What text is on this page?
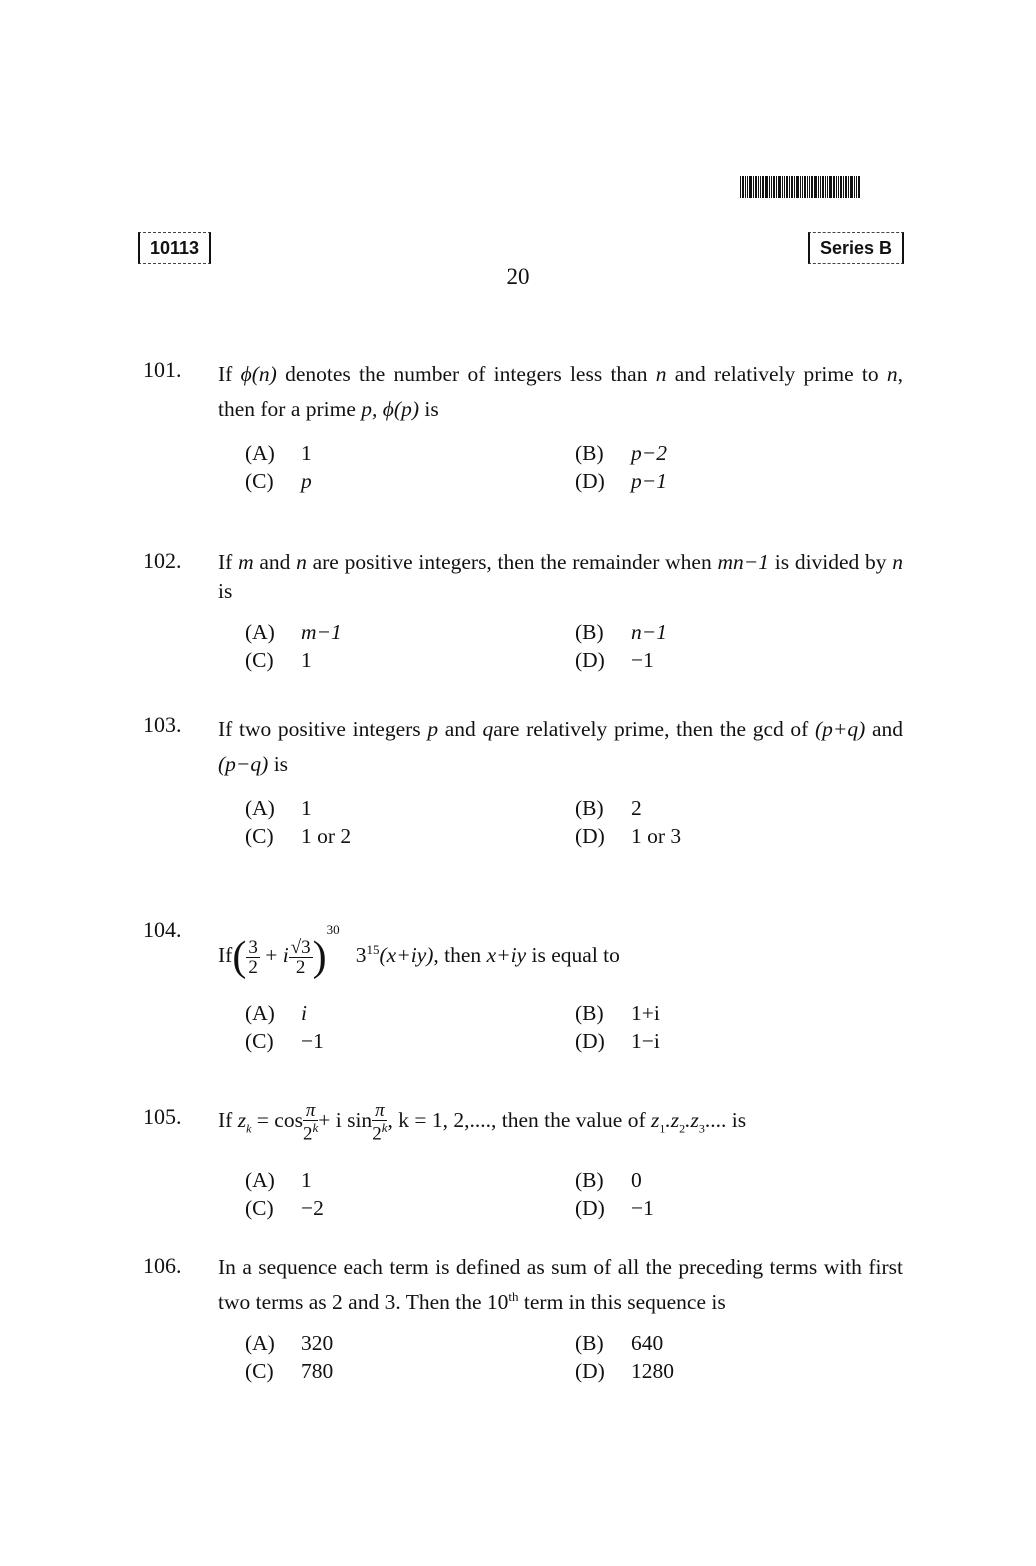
10113	Series B
20
101. If ϕ(n) denotes the number of integers less than n and relatively prime to n, then for a prime p, ϕ(p) is
(A)	1	(B)	p−2
(C)	p	(D)	p−1
102. If m and n are positive integers, then the remainder when mn−1 is divided by n is
(A)	m−1	(B)	n−1
(C)	1	(D)	−1
103. If two positive integers p and qare relatively prime, then the gcd of (p+q) and (p−q) is
(A)	1	(B)	2
(C)	1 or 2	(D)	1 or 3
104.
$If( \frac{3}{2} + i \frac{√3}{2} )^{30}$   $3^{15}(x+iy)$, then x+iy is equal to
(A)	i	(B)	1+i
(C)	−1	(D)	1−i
105. If $z_k = \cos \frac{\pi}{2^k} + i$ $\sin \frac{\pi}{2^k}$ , k = 1, 2,...., then the value of $z_1.z_2.z_3$.... is
(A)	1	(B)	0
(C)	−2	(D)	−1
106. In a sequence each term is defined as sum of all the preceding terms with first two terms as 2 and 3. Then the 10th term in this sequence is
(A)	320	(B)	640
(C)	780	(D)	1280
